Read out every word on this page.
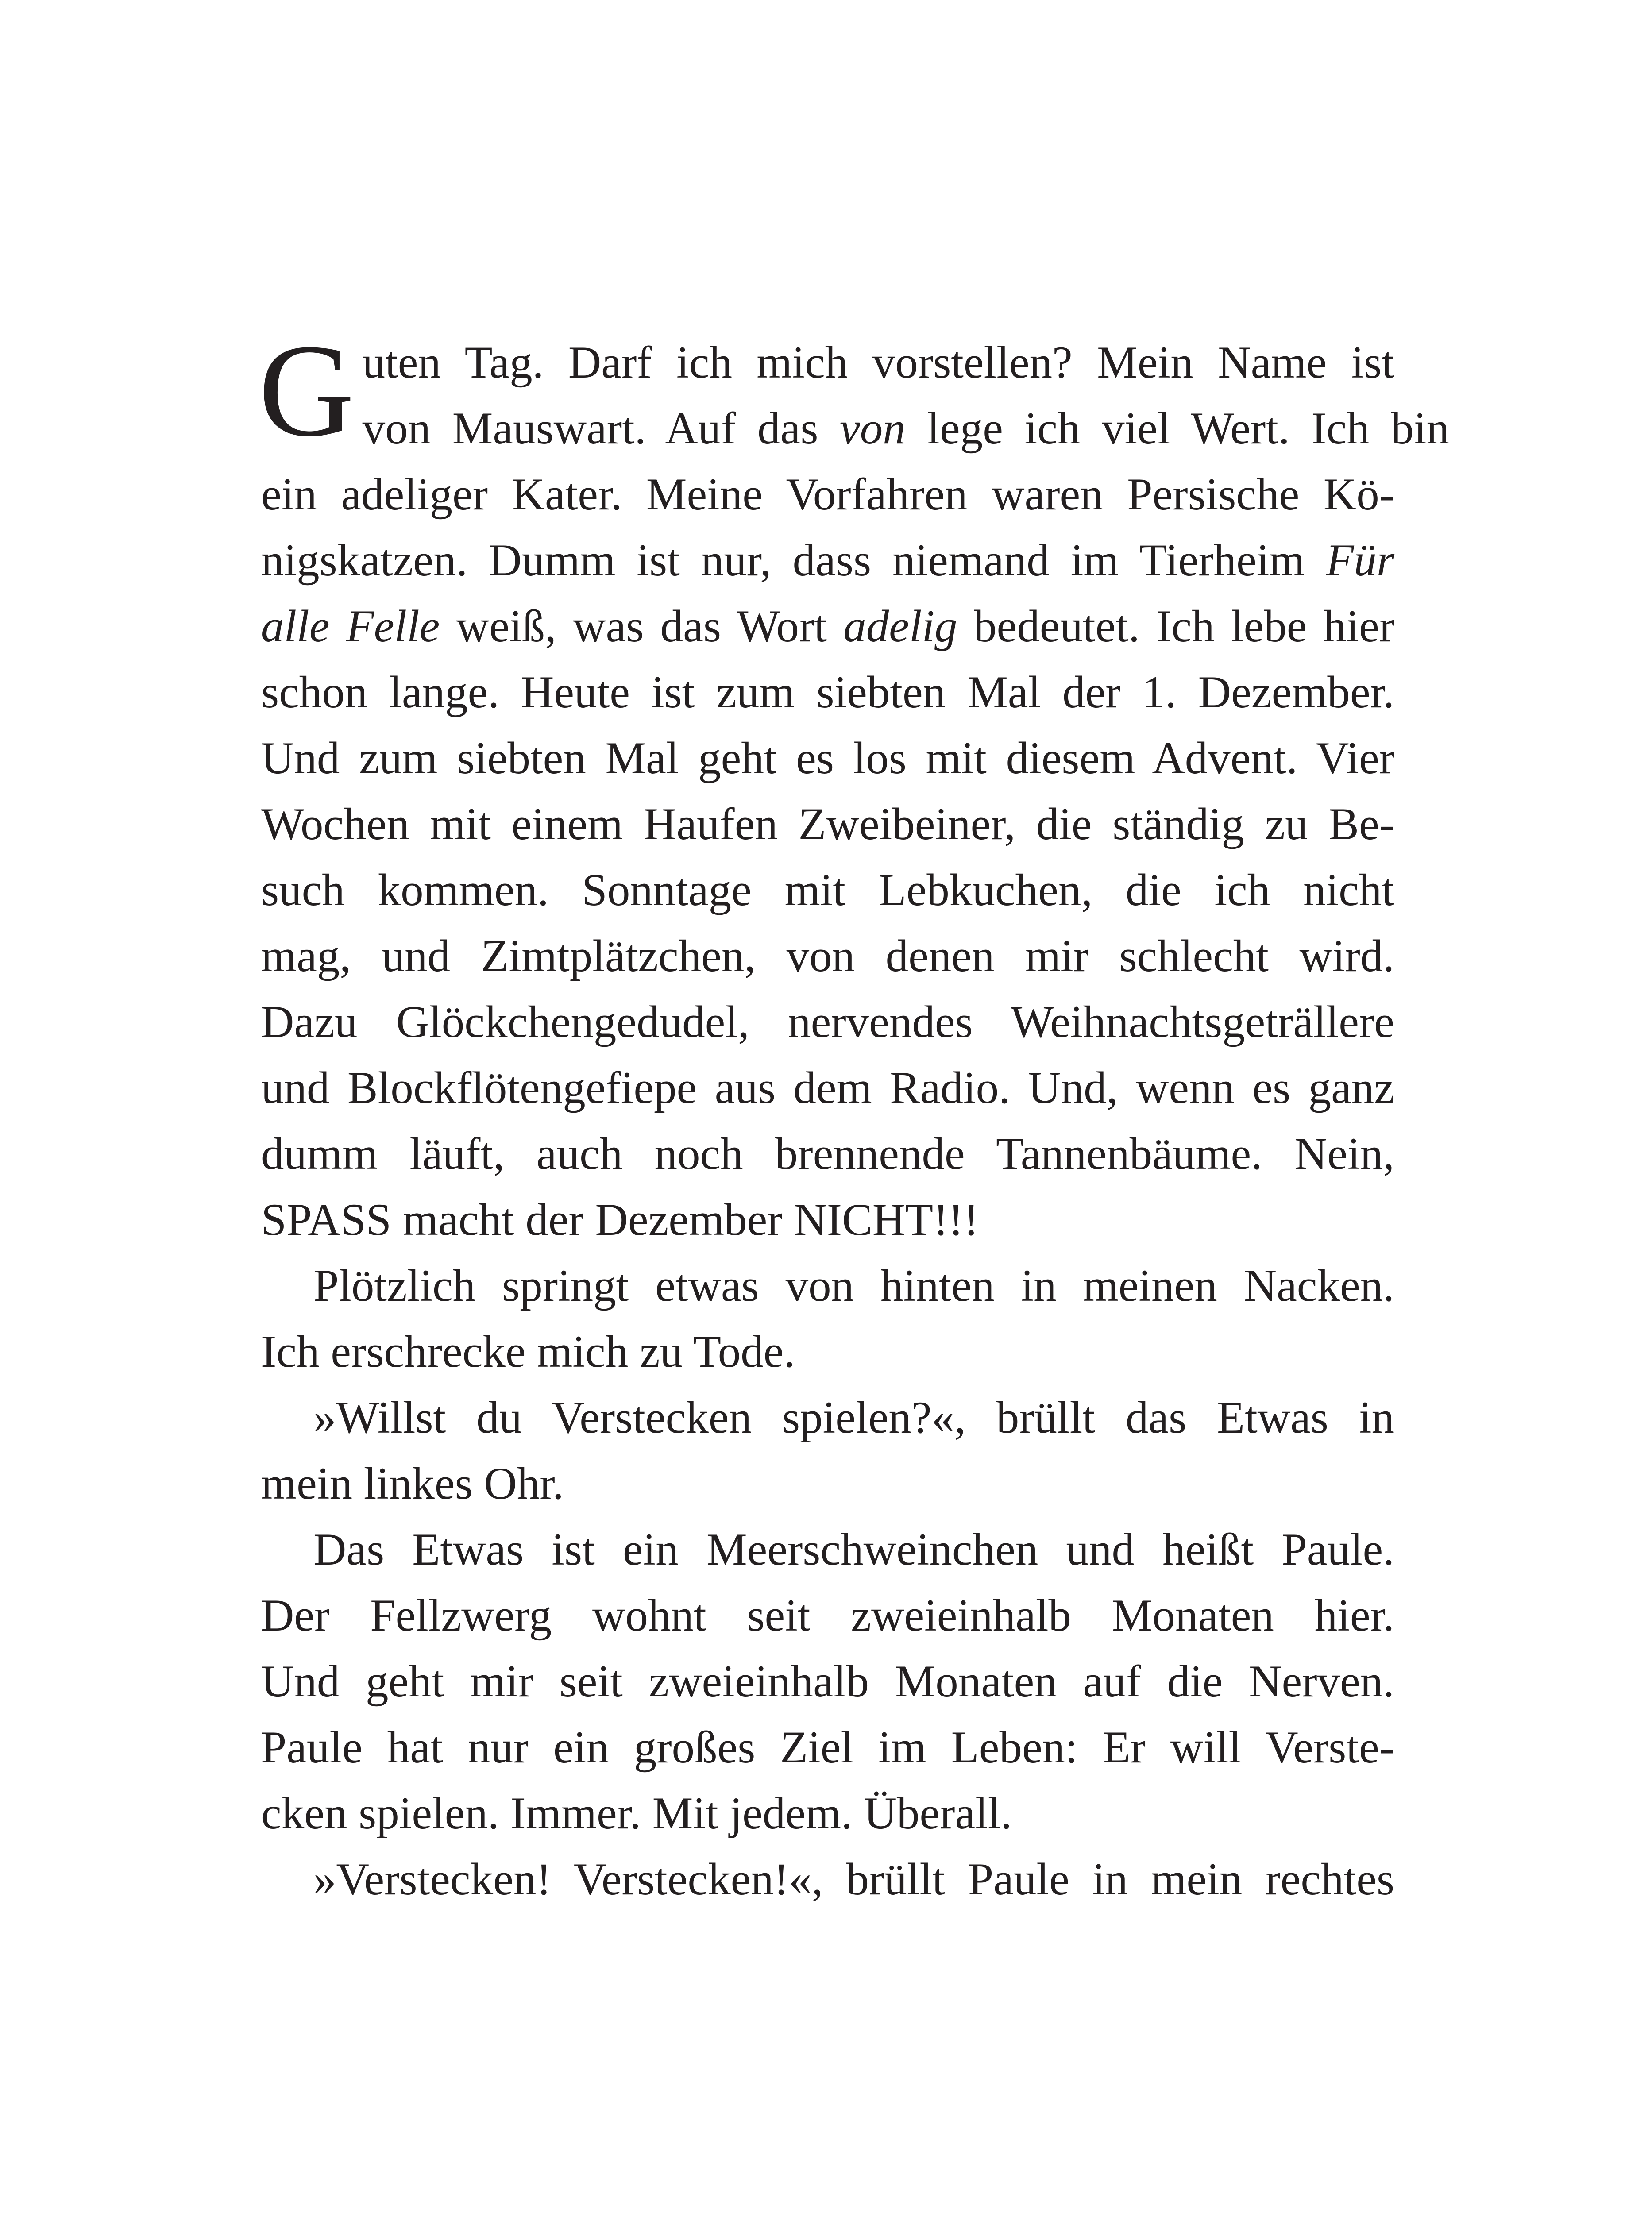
G uten Tag. Darf ich mich vorstellen? Mein Name ist
von Mauswart. Auf das von lege ich viel Wert. Ich bin
ein adeliger Kater. Meine Vorfahren waren Persische Kö-
nigskatzen. Dumm ist nur, dass niemand im Tierheim Für
alle Felle weiß, was das Wort adelig bedeutet. Ich lebe hier
schon lange. Heute ist zum siebten Mal der 1. Dezember.
Und zum siebten Mal geht es los mit diesem Advent. Vier
Wochen mit einem Haufen Zweibeiner, die ständig zu Be-
such kommen. Sonntage mit Lebkuchen, die ich nicht
mag, und Zimtplätzchen, von denen mir schlecht wird.
Dazu Glöckchengedudel, nervendes Weihnachtsgeträllere
und Blockflötengefiepe aus dem Radio. Und, wenn es ganz
dumm läuft, auch noch brennende Tannenbäume. Nein,
SPASS macht der Dezember NICHT!!!

Plötzlich springt etwas von hinten in meinen Nacken.
Ich erschrecke mich zu Tode.

»Willst du Verstecken spielen?«, brüllt das Etwas in
mein linkes Ohr.

Das Etwas ist ein Meerschweinchen und heißt Paule.
Der Fellzwerg wohnt seit zweieinhalb Monaten hier.
Und geht mir seit zweieinhalb Monaten auf die Nerven.
Paule hat nur ein großes Ziel im Leben: Er will Verste-
cken spielen. Immer. Mit jedem. Überall.

»Verstecken! Verstecken!«, brüllt Paule in mein rechtes
